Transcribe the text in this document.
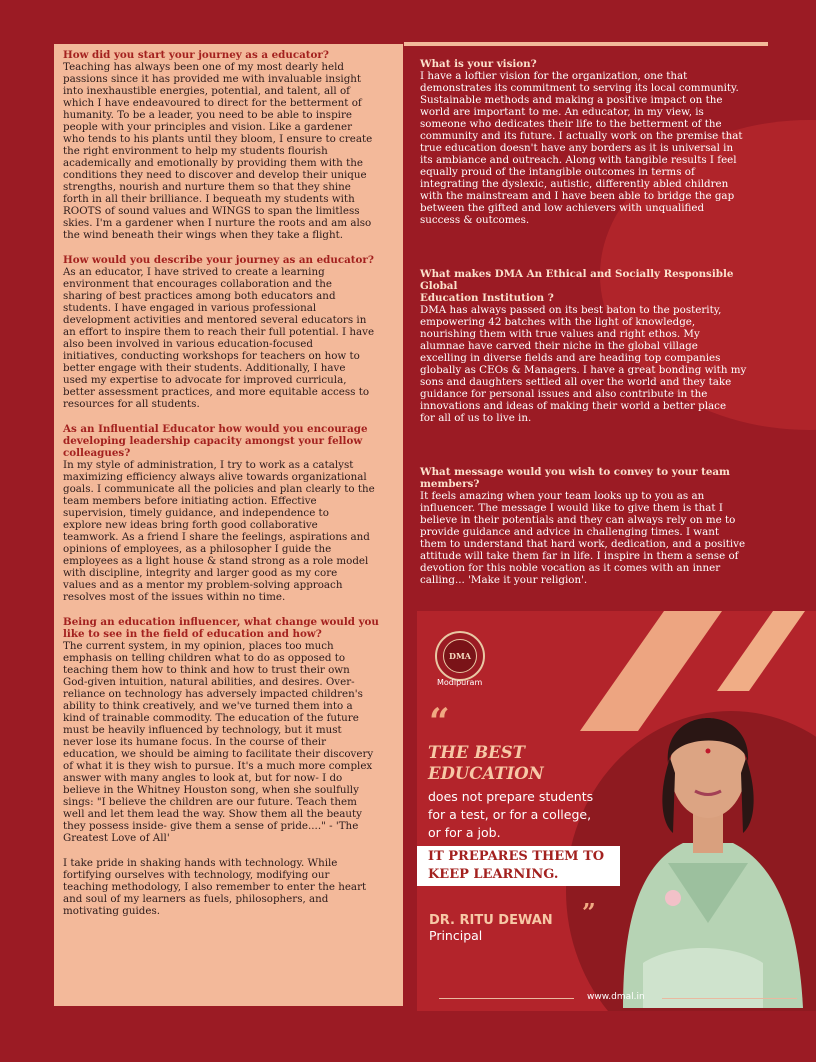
How did you start your journey as a educator?

Teaching has always been one of my most dearly held

passions since it has provided me with invaluable insight

into inexhaustible energies, potential, and talent, all of

which I have endeavoured to direct for the betterment of

humanity. To be a leader, you need to be able to inspire

people with your principles and vision. Like a gardener

who tends to his plants until they bloom, I ensure to create

the right environment to help my students flourish

academically and emotionally by providing them with the

conditions they need to discover and develop their unique

strengths, nourish and nurture them so that they shine

forth in all their brilliance. I bequeath my students with

ROOTS of sound values and WINGS to span the limitless

skies. I'm a gardener when I nurture the roots and am also

the wind beneath their wings when they take a flight.

How would you describe your journey as an educator?

As an educator, I have strived to create a learning

environment that encourages collaboration and the

sharing of best practices among both educators and

students. I have engaged in various professional

development activities and mentored several educators in

an effort to inspire them to reach their full potential. I have

also been involved in various education-focused

initiatives, conducting workshops for teachers on how to

better engage with their students. Additionally, I have

used my expertise to advocate for improved curricula,

better assessment practices, and more equitable access to

resources for all students.

As an Influential Educator how would you encourage

developing leadership capacity amongst your fellow

colleagues?

In my style of administration, I try to work as a catalyst

maximizing efficiency always alive towards organizational

goals. I communicate all the policies and plan clearly to the

team members before initiating action. Effective

supervision, timely guidance, and independence to

explore new ideas bring forth good collaborative

teamwork. As a friend I share the feelings, aspirations and

opinions of employees, as a philosopher I guide the

employees as a light house & stand strong as a role model

with discipline, integrity and larger good as my core

values and as a mentor my problem-solving approach

resolves most of the issues within no time.

Being an education influencer, what change would you

like to see in the field of education and how?

The current system, in my opinion, places too much

emphasis on telling children what to do as opposed to

teaching them how to think and how to trust their own

God-given intuition, natural abilities, and desires. Over-

reliance on technology has adversely impacted children's

ability to think creatively, and we've turned them into a

kind of trainable commodity. The education of the future

must be heavily influenced by technology, but it must

never lose its humane focus. In the course of their

education, we should be aiming to facilitate their discovery

of what it is they wish to pursue. It's a much more complex

answer with many angles to look at, but for now- I do

believe in the Whitney Houston song, when she soulfully

sings: "I believe the children are our future. Teach them

well and let them lead the way. Show them all the beauty

they possess inside- give them a sense of pride...." - 'The

Greatest Love of All'

I take pride in shaking hands with technology. While

fortifying ourselves with technology, modifying our

teaching methodology, I also remember to enter the heart

and soul of my learners as fuels, philosophers, and

motivating guides.

What is your vision?

I have a loftier vision for the organization, one that

demonstrates its commitment to serving its local community.

Sustainable methods and making a positive impact on the

world are important to me. An educator, in my view, is

someone who dedicates their life to the betterment of the

community and its future. I actually work on the premise that

true education doesn't have any borders as it is universal in

its ambiance and outreach. Along with tangible results I feel

equally proud of the intangible outcomes in terms of

integrating the dyslexic, autistic, differently abled children

with the mainstream and I have been able to bridge the gap

between the gifted and low achievers with unqualified

success & outcomes.

What makes DMA An Ethical and Socially Responsible Global

Education Institution ?

DMA has always passed on its best baton to the posterity,

empowering 42 batches with the light of knowledge,

nourishing them with true values and right ethos. My

alumnae have carved their niche in the global village

excelling in diverse fields and are heading top companies

globally as CEOs & Managers. I have a great bonding with my

sons and daughters settled all over the world and they take

guidance for personal issues and also contribute in the

innovations and ideas of making their world a better place

for all of us to live in.

What message would you wish to convey to your team

members?

It feels amazing when your team looks up to you as an

influencer. The message I would like to give them is that I

believe in their potentials and they can always rely on me to

provide guidance and advice in challenging times. I want

them to understand that hard work, dedication, and a positive

attitude will take them far in life. I inspire in them a sense of

devotion for this noble vocation as it comes with an inner

calling... 'Make it your religion'.

DMA
Modipuram
“
THE BEST
EDUCATION
does not prepare students
for a test, or for a college,
or for a job.
IT PREPARES THEM TO
KEEP LEARNING.
”
DR. RITU DEWAN
Principal
www.dmal.in
